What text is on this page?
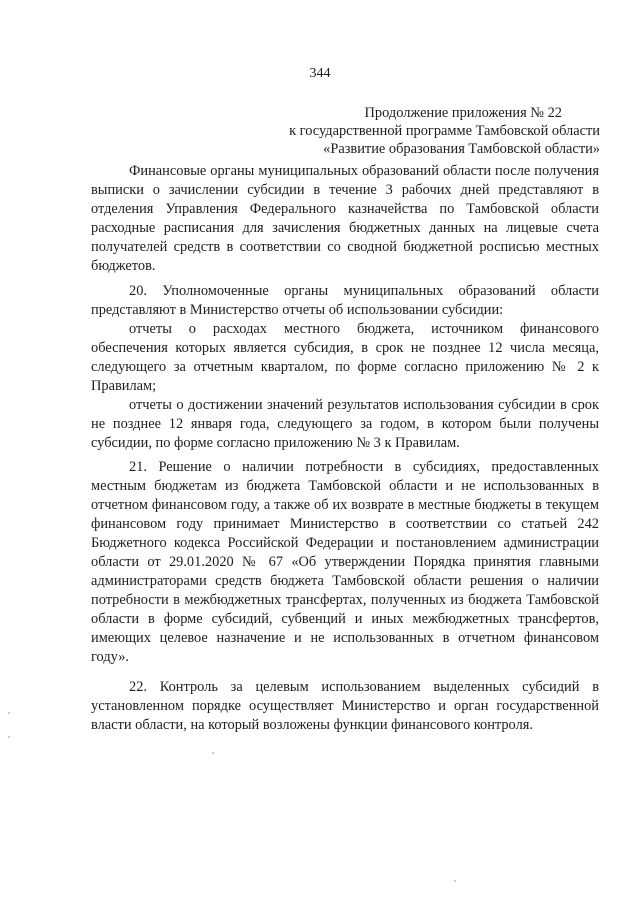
344
Продолжение приложения № 22
к государственной программе Тамбовской области
«Развитие образования Тамбовской области»

Финансовые органы муниципальных образований области после получения выписки о зачислении субсидии в течение 3 рабочих дней представляют в отделения Управления Федерального казначейства по Тамбовской области расходные расписания для зачисления бюджетных данных на лицевые счета получателей средств в соответствии со сводной бюджетной росписью местных бюджетов.

20. Уполномоченные органы муниципальных образований области представляют в Министерство отчеты об использовании субсидии:

отчеты о расходах местного бюджета, источником финансового обеспечения которых является субсидия, в срок не позднее 12 числа месяца, следующего за отчетным кварталом, по форме согласно приложению № 2 к Правилам;

отчеты о достижении значений результатов использования субсидии в срок не позднее 12 января года, следующего за годом, в котором были получены субсидии, по форме согласно приложению № 3 к Правилам.

21. Решение о наличии потребности в субсидиях, предоставленных местным бюджетам из бюджета Тамбовской области и не использованных в отчетном финансовом году, а также об их возврате в местные бюджеты в текущем финансовом году принимает Министерство в соответствии со статьей 242 Бюджетного кодекса Российской Федерации и постановлением администрации области от 29.01.2020 № 67 «Об утверждении Порядка принятия главными администраторами средств бюджета Тамбовской области решения о наличии потребности в межбюджетных трансфертах, полученных из бюджета Тамбовской области в форме субсидий, субвенций и иных межбюджетных трансфертов, имеющих целевое назначение и не использованных в отчетном финансовом году».

22. Контроль за целевым использованием выделенных субсидий в установленном порядке осуществляет Министерство и орган государственной власти области, на который возложены функции финансового контроля.
